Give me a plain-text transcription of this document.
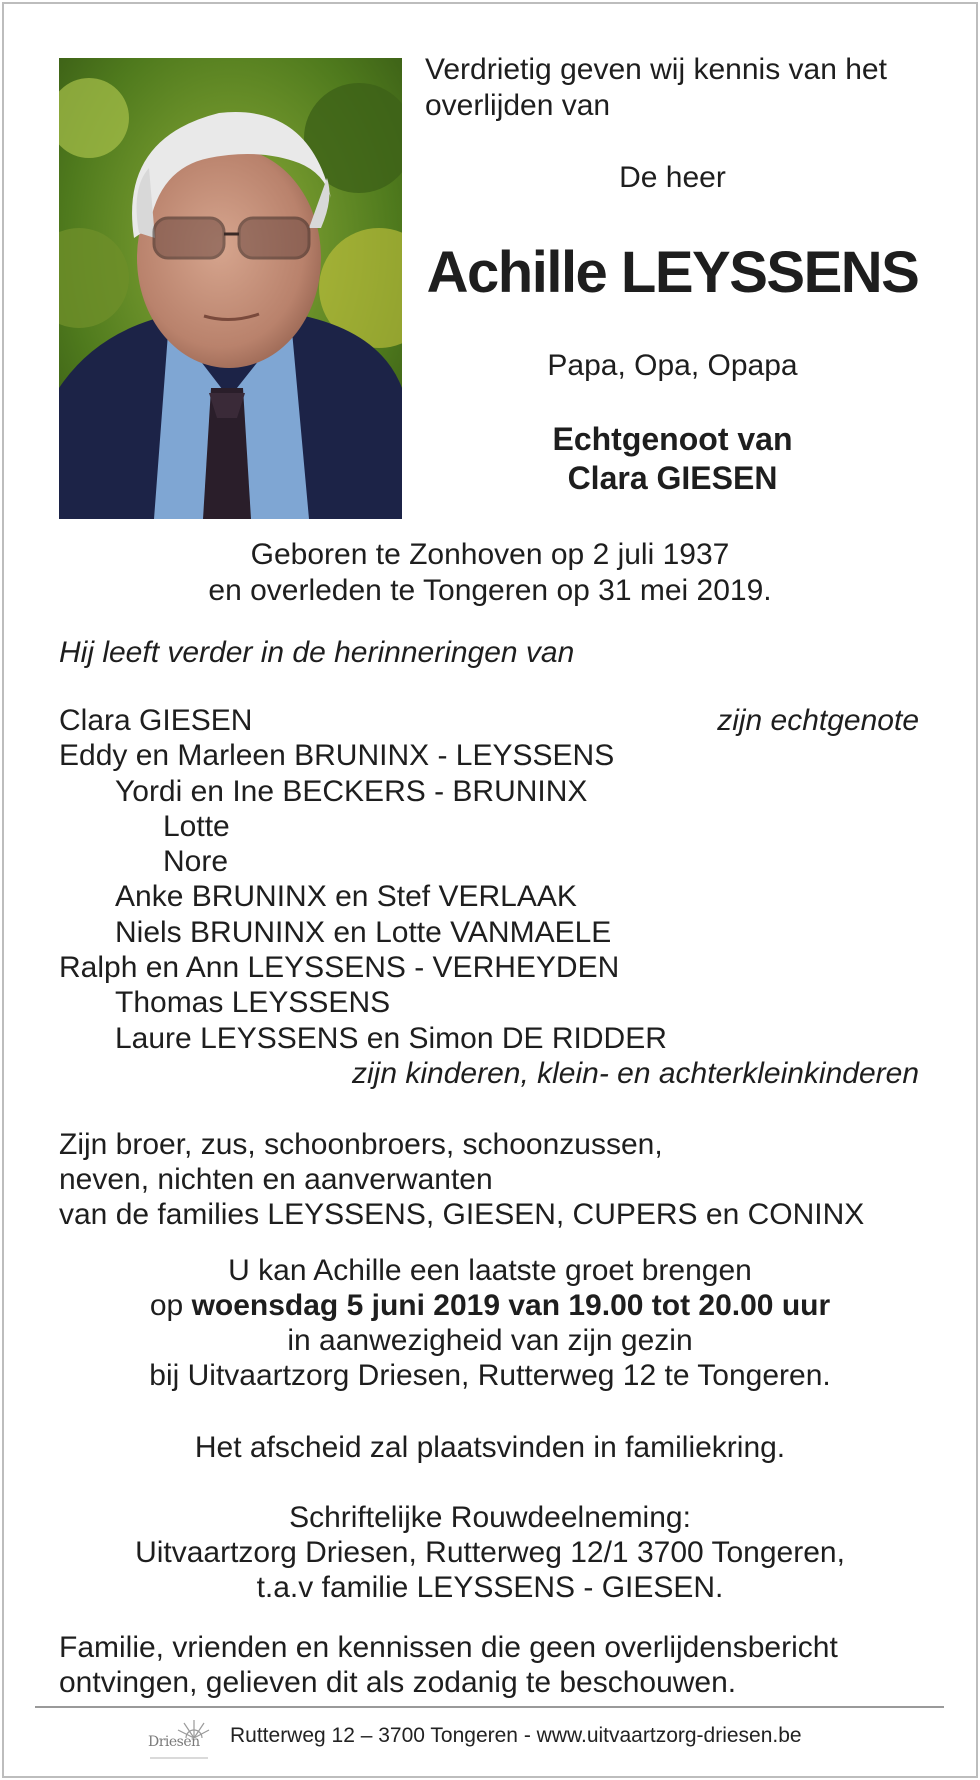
Verdrietig geven wij kennis van het overlijden van
De heer
Achille LEYSSENS
Papa, Opa, Opapa
Echtgenoot van
Clara GIESEN
Geboren te Zonhoven op 2 juli 1937
en overleden te Tongeren op 31 mei 2019.
Hij leeft verder in de herinneringen van
Clara GIESEN	zijn echtgenote
Eddy en Marleen BRUNINX - LEYSSENS
Yordi en Ine BECKERS - BRUNINX
Lotte
Nore
Anke BRUNINX en Stef VERLAAK
Niels BRUNINX en Lotte VANMAELE
Ralph en Ann LEYSSENS - VERHEYDEN
Thomas LEYSSENS
Laure LEYSSENS en Simon DE RIDDER
zijn kinderen, klein- en achterkleinkinderen
Zijn broer, zus, schoonbroers, schoonzussen,
neven, nichten en aanverwanten
van de families LEYSSENS, GIESEN, CUPERS en CONINX
U kan Achille een laatste groet brengen
op woensdag 5 juni 2019 van 19.00 tot 20.00 uur
in aanwezigheid van zijn gezin
bij Uitvaartzorg Driesen, Rutterweg 12 te Tongeren.
Het afscheid zal plaatsvinden in familiekring.
Schriftelijke Rouwdeelneming:
Uitvaartzorg Driesen, Rutterweg 12/1 3700 Tongeren,
t.a.v familie LEYSSENS - GIESEN.
Familie, vrienden en kennissen die geen overlijdensbericht
ontvingen, gelieven dit als zodanig te beschouwen.
Driesen Rutterweg 12 – 3700 Tongeren - www.uitvaartzorg-driesen.be
